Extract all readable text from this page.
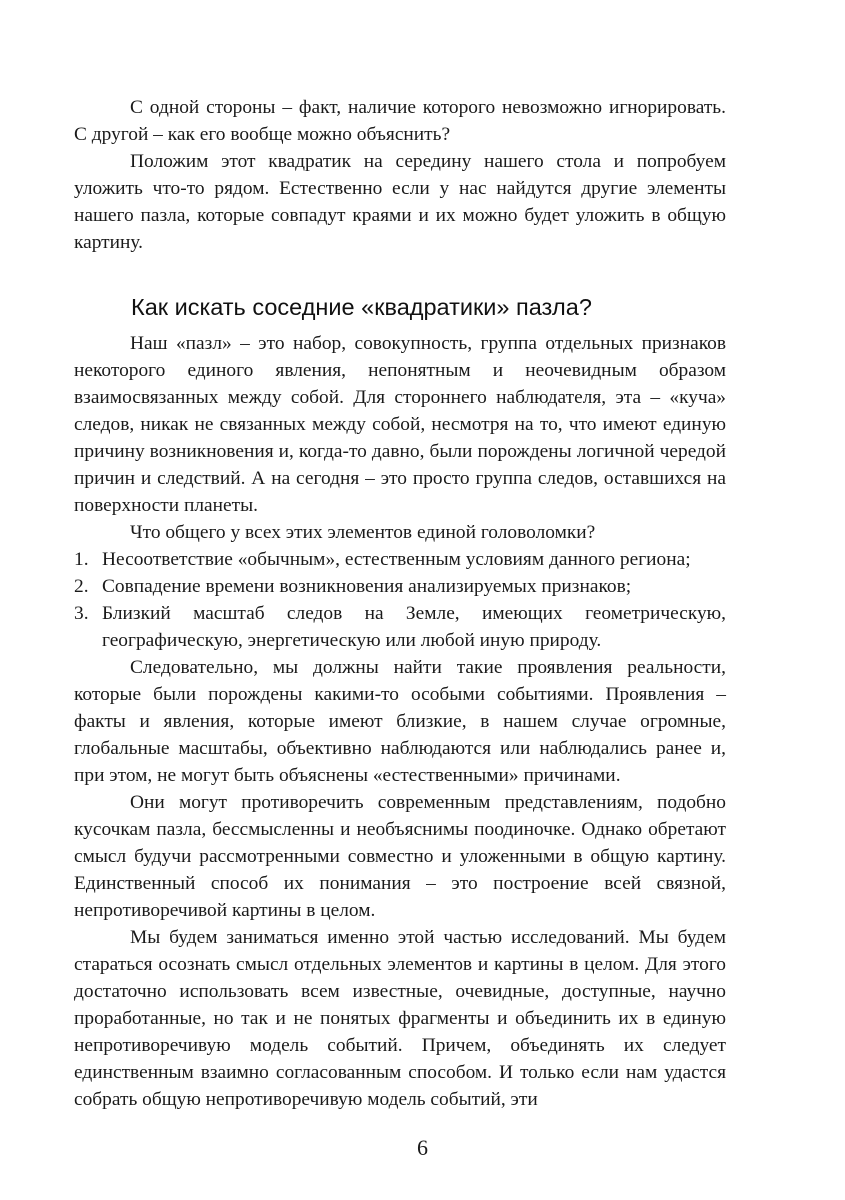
С одной стороны – факт, наличие которого невозможно игнорировать. С другой – как его вообще можно объяснить?

Положим этот квадратик на середину нашего стола и попробуем уложить что-то рядом. Естественно если у нас найдутся другие элементы нашего пазла, которые совпадут краями и их можно будет уложить в общую картину.

Как искать соседние «квадратики» пазла?

Наш «пазл» – это набор, совокупность, группа отдельных признаков некоторого единого явления, непонятным и неочевидным образом взаимосвязанных между собой. Для стороннего наблюдателя, эта – «куча» следов, никак не связанных между собой, несмотря на то, что имеют единую причину возникновения и, когда-то давно, были порождены логичной чередой причин и следствий. А на сегодня – это просто группа следов, оставшихся на поверхности планеты.

Что общего у всех этих элементов единой головоломки?

1. Несоответствие «обычным», естественным условиям данного региона;
2. Совпадение времени возникновения анализируемых признаков;
3. Близкий масштаб следов на Земле, имеющих геометрическую, географическую, энергетическую или любой иную природу.

Следовательно, мы должны найти такие проявления реальности, которые были порождены какими-то особыми событиями. Проявления – факты и явления, которые имеют близкие, в нашем случае огромные, глобальные масштабы, объективно наблюдаются или наблюдались ранее и, при этом, не могут быть объяснены «естественными» причинами.

Они могут противоречить современным представлениям, подобно кусочкам пазла, бессмысленны и необъяснимы поодиночке. Однако обретают смысл будучи рассмотренными совместно и уложенными в общую картину. Единственный способ их понимания – это построение всей связной, непротиворечивой картины в целом.

Мы будем заниматься именно этой частью исследований. Мы будем стараться осознать смысл отдельных элементов и картины в целом. Для этого достаточно использовать всем известные, очевидные, доступные, научно проработанные, но так и не понятых фрагменты и объединить их в единую непротиворечивую модель событий. Причем, объединять их следует единственным взаимно согласованным способом. И только если нам удастся собрать общую непротиворечивую модель событий, эти

6
